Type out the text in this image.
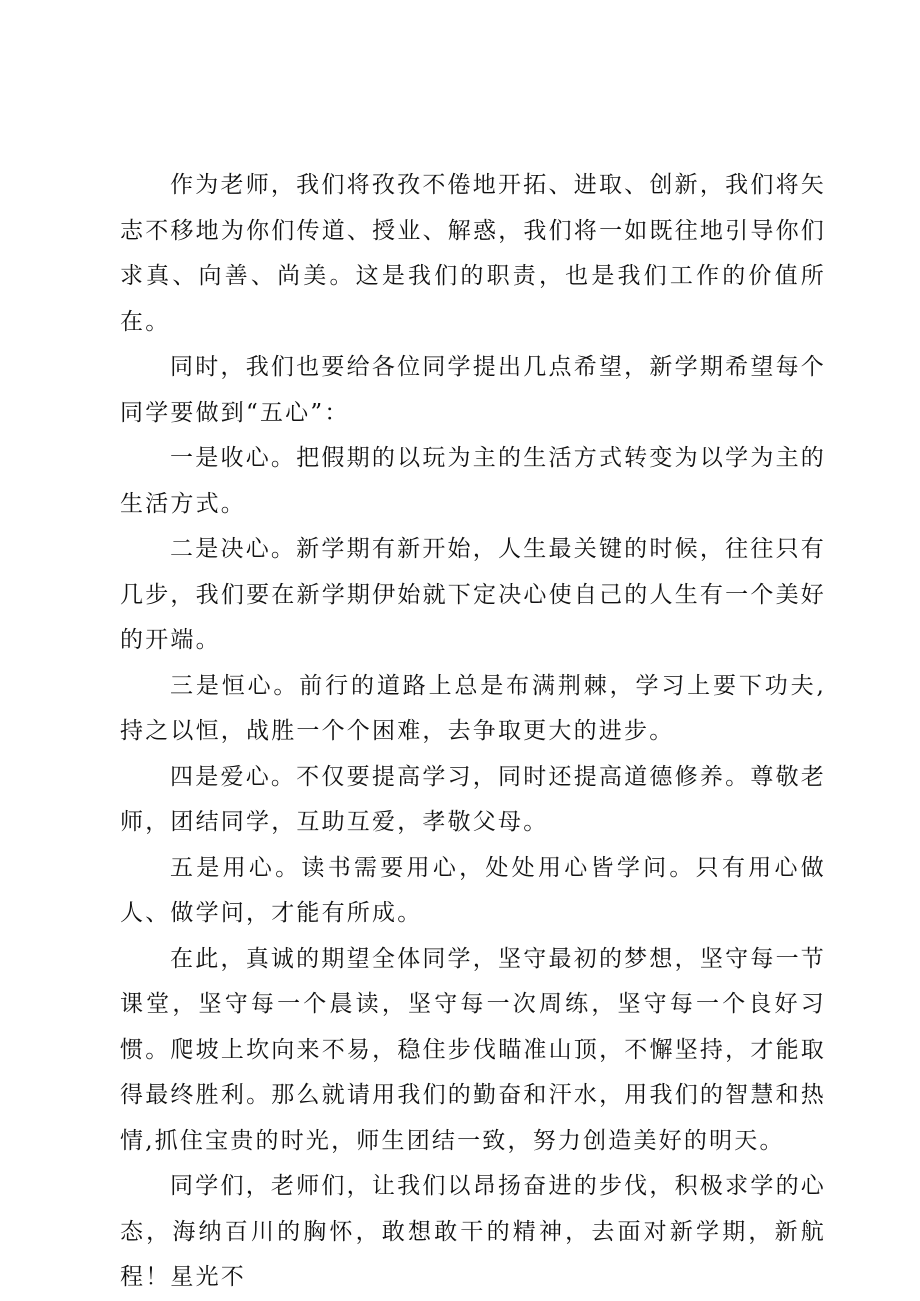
作为老师，我们将孜孜不倦地开拓、进取、创新，我们将矢志不移地为你们传道、授业、解惑，我们将一如既往地引导你们求真、向善、尚美。这是我们的职责，也是我们工作的价值所在。

同时，我们也要给各位同学提出几点希望，新学期希望每个同学要做到“五心”：

一是收心。把假期的以玩为主的生活方式转变为以学为主的生活方式。

二是决心。新学期有新开始，人生最关键的时候，往往只有几步，我们要在新学期伊始就下定决心使自己的人生有一个美好的开端。

三是恒心。前行的道路上总是布满荆棘，学习上要下功夫,持之以恒，战胜一个个困难，去争取更大的进步。

四是爱心。不仅要提高学习，同时还提高道德修养。尊敬老师，团结同学，互助互爱，孝敬父母。

五是用心。读书需要用心，处处用心皆学问。只有用心做人、做学问，才能有所成。

在此，真诚的期望全体同学，坚守最初的梦想，坚守每一节课堂，坚守每一个晨读，坚守每一次周练，坚守每一个良好习惯。爬坡上坎向来不易，稳住步伐瞄准山顶，不懈坚持，才能取得最终胜利。那么就请用我们的勤奋和汗水，用我们的智慧和热情,抓住宝贵的时光，师生团结一致，努力创造美好的明天。

同学们，老师们，让我们以昂扬奋进的步伐，积极求学的心态，海纳百川的胸怀，敢想敢干的精神，去面对新学期，新航程！星光不
